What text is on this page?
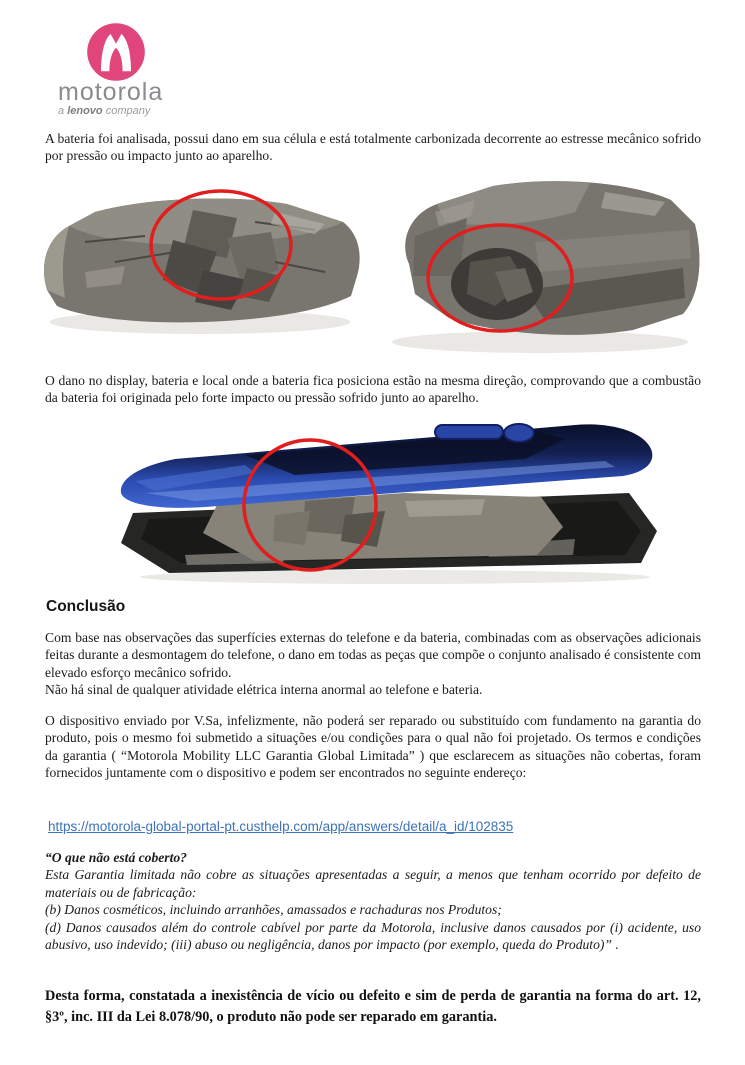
motorola
a lenovo company

A bateria foi analisada, possui dano em sua célula e está totalmente carbonizada decorrente ao estresse mecânico sofrido por pressão ou impacto junto ao aparelho.

O dano no display, bateria e local onde a bateria fica posiciona estão na mesma direção, comprovando que a combustão da bateria foi originada pelo forte impacto ou pressão sofrido junto ao aparelho.

Conclusão

Com base nas observações das superfícies externas do telefone e da bateria, combinadas com as observações adicionais feitas durante a desmontagem do telefone, o dano em todas as peças que compõe o conjunto analisado é consistente com elevado esforço mecânico sofrido.

Não há sinal de qualquer atividade elétrica interna anormal ao telefone e bateria.

O dispositivo enviado por V.Sa, infelizmente, não poderá ser reparado ou substituído com fundamento na garantia do produto, pois o mesmo foi submetido a situações e/ou condições para o qual não foi projetado. Os termos e condições da garantia ( “Motorola Mobility LLC Garantia Global Limitada” ) que esclarecem as situações não cobertas, foram fornecidos juntamente com o dispositivo e podem ser encontrados no seguinte endereço:

https://motorola-global-portal-pt.custhelp.com/app/answers/detail/a_id/102835

“O que não está coberto?

Esta Garantia limitada não cobre as situações apresentadas a seguir, a menos que tenham ocorrido por defeito de materiais ou de fabricação:

(b) Danos cosméticos, incluindo arranhões, amassados e rachaduras nos Produtos;

(d) Danos causados além do controle cabível por parte da Motorola, inclusive danos causados por (i) acidente, uso abusivo, uso indevido; (iii) abuso ou negligência, danos por impacto (por exemplo, queda do Produto)” .

Desta forma, constatada a inexistência de vício ou defeito e sim de perda de garantia na forma do art. 12, §3º, inc. III da Lei 8.078/90, o produto não pode ser reparado em garantia.
